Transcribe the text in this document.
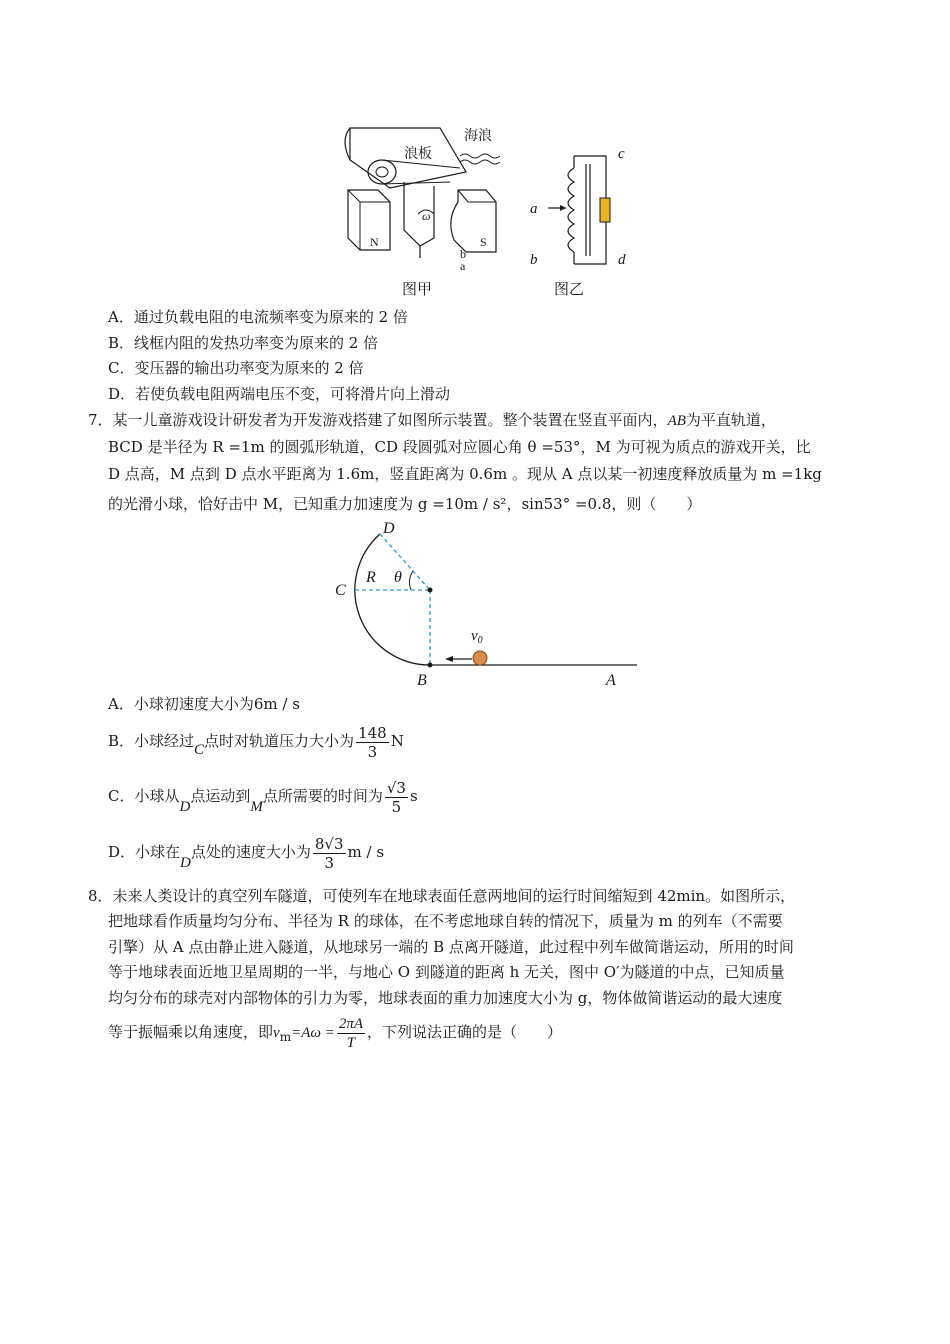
浪板
海浪
N	S
ω
b
a
图甲
a
b
c
d
图乙
A．通过负载电阻的电流频率变为原来的 2 倍
B．线框内阻的发热功率变为原来的 2 倍
C．变压器的输出功率变为原来的 2 倍
D．若使负载电阻两端电压不变，可将滑片向上滑动
7．某一儿童游戏设计研发者为开发游戏搭建了如图所示装置。整个装置在竖直平面内，AB为平直轨道，
BCD 是半径为 R =1m 的圆弧形轨道，CD 段圆弧对应圆心角 θ =53°，M 为可视为质点的游戏开关，比
D 点高，M 点到 D 点水平距离为 1.6m，竖直距离为 0.6m 。现从 A 点以某一初速度释放质量为 m =1kg
的光滑小球，恰好击中 M，已知重力加速度为 g =10m / s²，sin53° =0.8，则（　　）
D
C
R θ
$v_0$
B	A
A．小球初速度大小为6m / s
B．小球经过C点时对轨道压力大小为 $\frac{148}{3}$ N
C．小球从D点运动到M点所需要的时间为 $\frac{√3}{5}$ s
D．小球在D点处的速度大小为 $\frac{8√3}{3}$ m / s
8．未来人类设计的真空列车隧道，可使列车在地球表面任意两地间的运行时间缩短到 42min。如图所示，
把地球看作质量均匀分布、半径为 R 的球体，在不考虑地球自转的情况下，质量为 m 的列车（不需要
引擎）从 A 点由静止进入隧道，从地球另一端的 B 点离开隧道，此过程中列车做简谐运动，所用的时间
等于地球表面近地卫星周期的一半，与地心 O 到隧道的距离 h 无关，图中 O′为隧道的中点，已知质量
均匀分布的球壳对内部物体的引力为零，地球表面的重力加速度大小为 g，物体做简谐运动的最大速度
等于振幅乘以角速度，即$v_m=A\omega = \frac{2\pi A}{T}$ ，下列说法正确的是（　　）
